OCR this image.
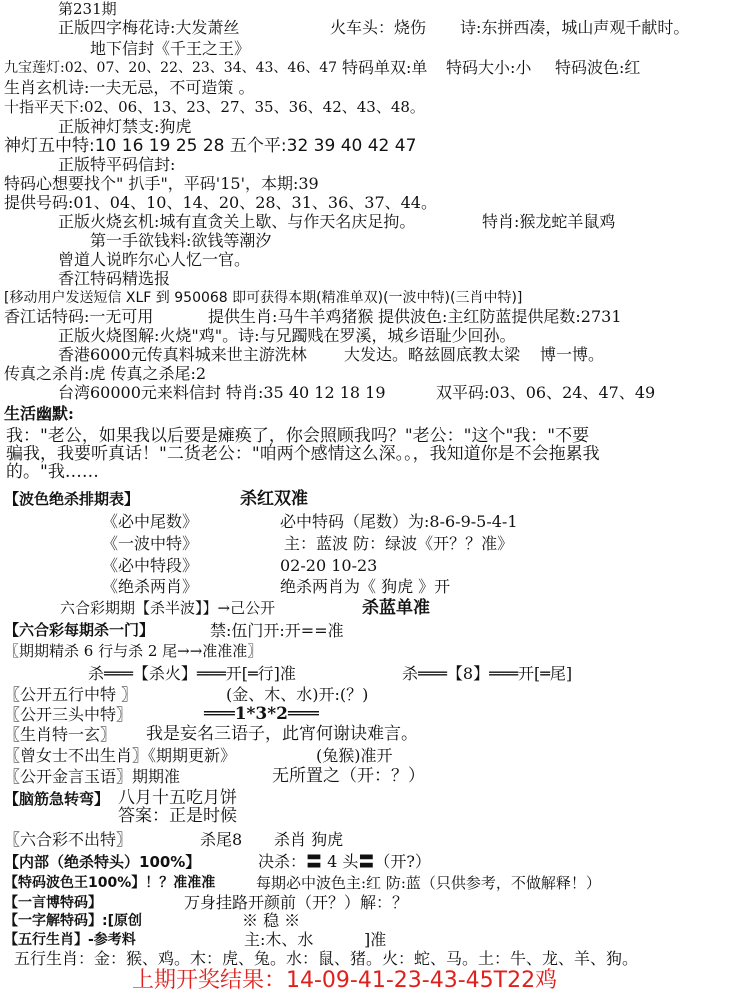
第231期
正版四字梅花诗:大发萧丝	火车头：烧伤 诗:东拼西凑，城山声观千献时。
地下信封《千王之王》
九宝莲灯:02、07、20、22、23、34、43、46、47 特码单双:单 特码大小:小 特码波色:红
生肖玄机诗:一夫无忌，不可造策 。
十指平天下:02、06、13、23、27、35、36、42、43、48。
正版神灯禁支:狗虎
神灯五中特:10 16 19 25 28 五个平:32 39 40 42 47
正版特平码信封:
特码心想要找个" 扒手"，平码'15'，本期:39
提供号码:01、04、10、14、20、28、31、36、37、44。
正版火烧玄机:城有直贪关上歇、与作天名庆足拘。	特肖:猴龙蛇羊鼠鸡
第一手欲钱料:欲钱等潮汐
曾道人说昨尔心人忆一官。
香江特码精选报
[移动用户发送短信 XLF 到 950068 即可获得本期(精准单双)(一波中特)(三肖中特)]
香江话特码:一无可用	提供生肖:马牛羊鸡猪猴 提供波色:主红防蓝提供尾数:2731
正版火烧图解:火烧"鸡"。诗:与兄躅贱在罗溪，城乡语耻少回孙。
香港6000元传真料城来世主游洗林 大发达。略兹圆底教太梁 博一博。
传真之杀肖:虎 传真之杀尾:2
台湾60000元来料信封 特肖:35 40 12 18 19	双平码:03、06、24、47、49
生活幽默:
我："老公，如果我以后要是瘫痪了，你会照顾我吗？"老公："这个"我："不要
骗我，我要听真话！"二货老公："咱两个感情这么深。。，我知道你是不会拖累我
的。"我……
【波色绝杀排期表】	杀红双准
《必中尾数》	必中特码（尾数）为:8-6-9-5-4-1
《一波中特》	主：蓝波 防：绿波《开？？准》
《必中特段》	02-20 10-23
《绝杀两肖》	绝杀两肖为《 狗虎 》开
六合彩期期【杀半波】】→己公开	杀蓝单准
【六合彩每期杀一门】	禁:伍门开:开==准
〖期期精杀 6 行与杀 2 尾→→准准准〗
杀═══【杀火】═══开[═行]准	杀═══【8】═══开[═尾]
〖公开五行中特 〗	(金、木、水)开:(？)
〖公开三头中特〗	═══1*3*2═══
〖生肖特一玄〗 我是妄名三语子，此宵何谢诀难言。
〖曾女士不出生肖〗《期期更新》	(兔猴)准开
〖公开金言玉语〗期期准	无所置之（开：？）
【脑筋急转弯】 八月十五吃月饼
答案：正是时候
〖六合彩不出特〗	杀尾8 杀肖 狗虎
【内部（绝杀特头）100%】	决杀：〓 4 头〓（开?）
【特码波色王100%】！？准准准	每期必中波色主:红 防:蓝（只供参考，不做解释！）
【一言博特码】	万身挂路开颜前（开？）解：？
【一字解特码】:[原创	※ 稳 ※
【五行生肖】-参考料	主:木、水	]准
五行生肖：金：猴、鸡。木：虎、兔。水：鼠、猪。火：蛇、马。土：牛、龙、羊、狗。
上期开奖结果：14-09-41-23-43-45T22鸡
